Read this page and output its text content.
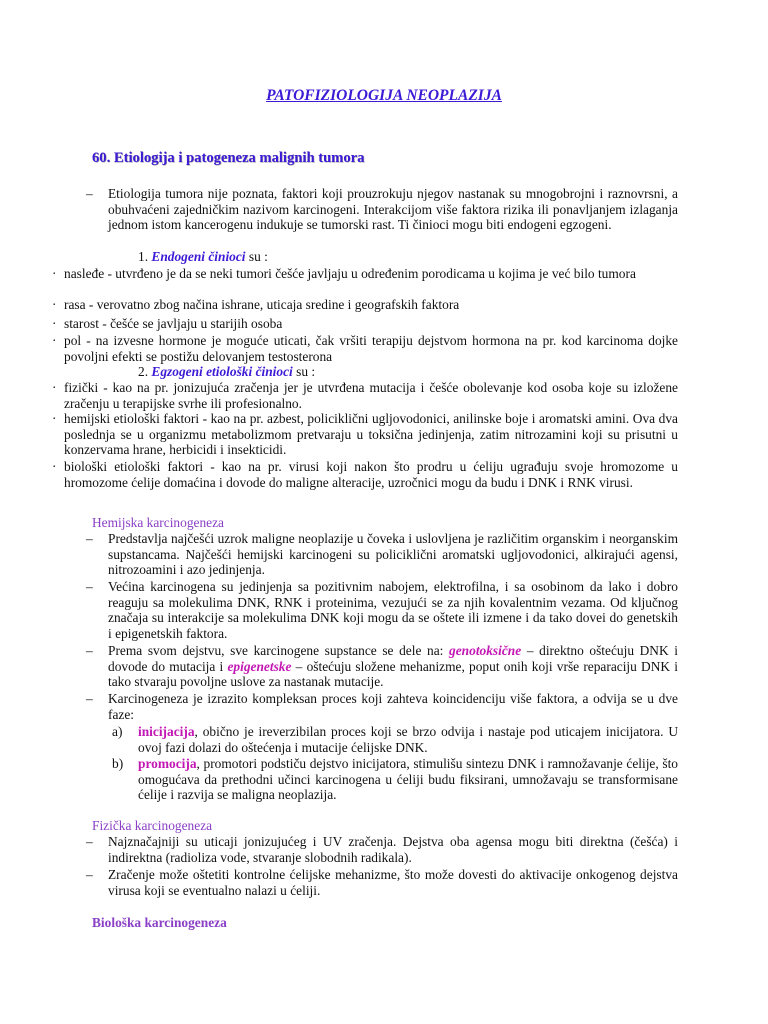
PATOFIZIOLOGIJA NEOPLAZIJA
60. Etiologija i patogeneza malignih tumora
–	Etiologija tumora nije poznata, faktori koji prouzrokuju njegov nastanak su mnogobrojni i raznovrsni, a obuhvaćeni zajedničkim nazivom karcinogeni. Interakcijom više faktora rizika ili ponavljanjem izlaganja jednom istom kancerogenu indukuje se tumorski rast. Ti činioci mogu biti endogeni egzogeni.
1. Endogeni činioci su :
· nasleđe - utvrđeno je da se neki tumori češće javljaju u određenim porodicama u kojima je već bilo tumora
· rasa - verovatno zbog načina ishrane, uticaja sredine i geografskih faktora
· starost - češće se javljaju u starijih osoba
· pol - na izvesne hormone je moguće uticati, čak vršiti terapiju dejstvom hormona na pr. kod karcinoma dojke povoljni efekti se postižu delovanjem testosterona
2. Egzogeni etiološki činioci su :
· fizički - kao na pr. jonizujuća zračenja jer je utvrđena mutacija i češće obolevanje kod osoba koje su izložene zračenju u terapijske svrhe ili profesionalno.
· hemijski etiološki faktori - kao na pr. azbest, policiklični ugljovodonici, anilinske boje i aromatski amini. Ova dva poslednja se u organizmu metabolizmom pretvaraju u toksična jedinjenja, zatim nitrozamini koji su prisutni u konzervama hrane, herbicidi i insekticidi.
· biološki etiološki faktori - kao na pr. virusi koji nakon što prodru u ćeliju ugrađuju svoje hromozome u hromozome ćelije domaćina i dovode do maligne alteracije, uzročnici mogu da budu i DNK i RNK virusi.
Hemijska karcinogeneza
–	Predstavlja najčešći uzrok maligne neoplazije u čoveka i uslovljena je različitim organskim i neorganskim supstancama. Najčešći hemijski karcinogeni su policiklični aromatski ugljovodonici, alkirajući agensi, nitrozoamini i azo jedinjenja.
–	Većina karcinogena su jedinjenja sa pozitivnim nabojem, elektrofilna, i sa osobinom da lako i dobro reaguju sa molekulima DNK, RNK i proteinima, vezujući se za njih kovalentnim vezama. Od ključnog značaja su interakcije sa molekulima DNK koji mogu da se oštete ili izmene i da tako dovei do genetskih i epigenetskih faktora.
–	Prema svom dejstvu, sve karcinogene supstance se dele na: genotoksične – direktno oštećuju DNK i dovode do mutacija i epigenetske – oštećuju složene mehanizme, poput onih koji vrše reparaciju DNK i tako stvaraju povoljne uslove za nastanak mutacije.
–	Karcinogeneza je izrazito kompleksan proces koji zahteva koincidenciju više faktora, a odvija se u dve faze:
a) inicijacija, obično je ireverzibilan proces koji se brzo odvija i nastaje pod uticajem inicijatora. U ovoj fazi dolazi do oštećenja i mutacije ćelijske DNK.
b) promocija, promotori podstiču dejstvo inicijatora, stimulišu sintezu DNK i ramnožavanje ćelije, što omogućava da prethodni učinci karcinogena u ćeliji budu fiksirani, umnožavaju se transformisane ćelije i razvija se maligna neoplazija.
Fizička karcinogeneza
–	Najznačajniji su uticaji jonizujućeg i UV zračenja. Dejstva oba agensa mogu biti direktna (češća) i indirektna (radioliza vode, stvaranje slobodnih radikala).
–	Zračenje može oštetiti kontrolne ćelijske mehanizme, što može dovesti do aktivacije onkogenog dejstva virusa koji se eventualno nalazi u ćeliji.
Biološka karcinogeneza
